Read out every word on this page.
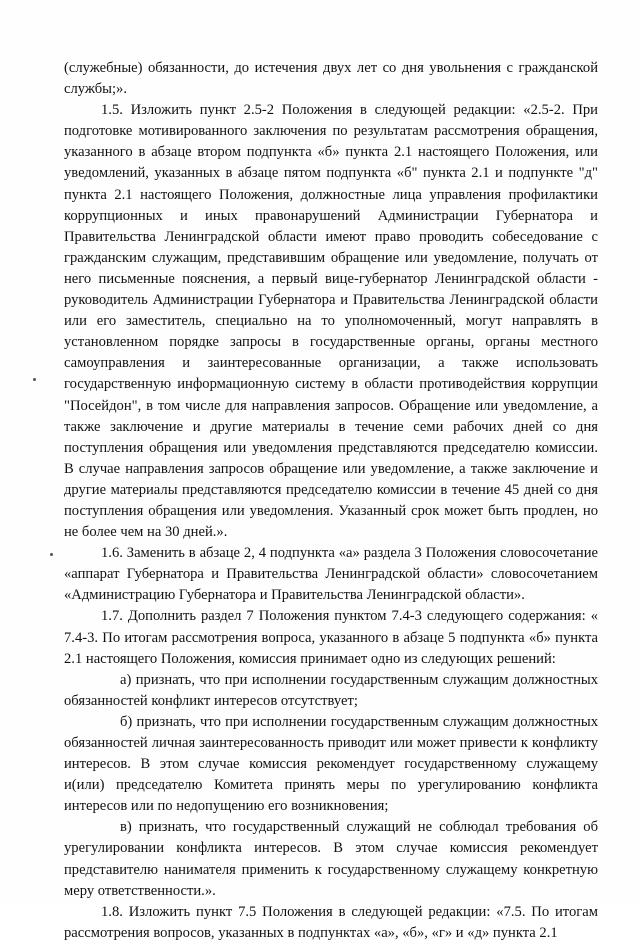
(служебные) обязанности, до истечения двух лет со дня увольнения с гражданской службы;».

1.5. Изложить пункт 2.5-2 Положения в следующей редакции: «2.5-2. При подготовке мотивированного заключения по результатам рассмотрения обращения, указанного в абзаце втором подпункта «б» пункта 2.1 настоящего Положения, или уведомлений, указанных в абзаце пятом подпункта «б" пункта 2.1 и подпункте "д" пункта 2.1 настоящего Положения, должностные лица управления профилактики коррупционных и иных правонарушений Администрации Губернатора и Правительства Ленинградской области имеют право проводить собеседование с гражданским служащим, представившим обращение или уведомление, получать от него письменные пояснения, а первый вице-губернатор Ленинградской области - руководитель Администрации Губернатора и Правительства Ленинградской области или его заместитель, специально на то уполномоченный, могут направлять в установленном порядке запросы в государственные органы, органы местного самоуправления и заинтересованные организации, а также использовать государственную информационную систему в области противодействия коррупции "Посейдон", в том числе для направления запросов. Обращение или уведомление, а также заключение и другие материалы в течение семи рабочих дней со дня поступления обращения или уведомления представляются председателю комиссии. В случае направления запросов обращение или уведомление, а также заключение и другие материалы представляются председателю комиссии в течение 45 дней со дня поступления обращения или уведомления. Указанный срок может быть продлен, но не более чем на 30 дней.».

1.6. Заменить в абзаце 2, 4 подпункта «а» раздела 3 Положения словосочетание «аппарат Губернатора и Правительства Ленинградской области» словосочетанием «Администрацию Губернатора и Правительства Ленинградской области».

1.7. Дополнить раздел 7 Положения пунктом 7.4-3 следующего содержания: « 7.4-3. По итогам рассмотрения вопроса, указанного в абзаце 5 подпункта «б» пункта 2.1 настоящего Положения, комиссия принимает одно из следующих решений:

а) признать, что при исполнении государственным служащим должностных обязанностей конфликт интересов отсутствует;

б) признать, что при исполнении государственным служащим должностных обязанностей личная заинтересованность приводит или может привести к конфликту интересов. В этом случае комиссия рекомендует государственному служащему и(или) председателю Комитета принять меры по урегулированию конфликта интересов или по недопущению его возникновения;

в) признать, что государственный служащий не соблюдал требования об урегулировании конфликта интересов. В этом случае комиссия рекомендует представителю нанимателя применить к государственному служащему конкретную меру ответственности.».

1.8. Изложить пункт 7.5 Положения в следующей редакции: «7.5. По итогам рассмотрения вопросов, указанных в подпунктах «а», «б», «г» и «д» пункта 2.1
